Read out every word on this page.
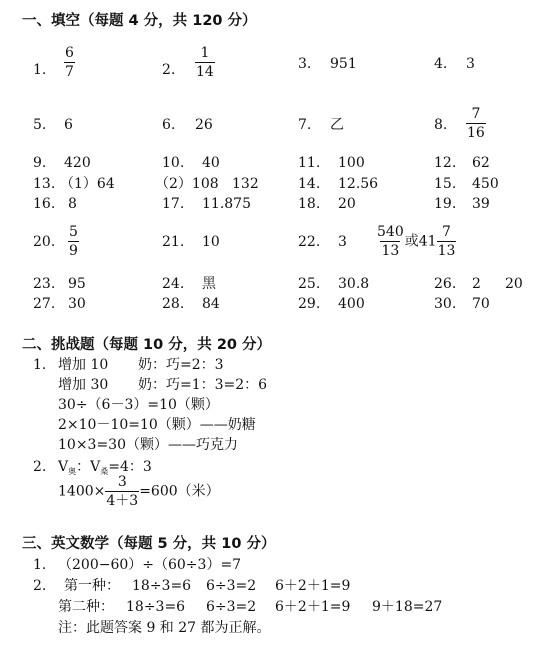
一、填空（每题 4 分，共 120 分）
1. $\frac{6}{7}$	2. $\frac{1}{14}$	3. 951	4. 3
5. 6	6. 26	7. 乙	8. $\frac{7}{16}$
9. 420	10. 40	11. 100	12. 62
13. （1）64	（2）108 132	14. 12.56	15. 450
16. 8	17. 11.875	18. 20	19. 39
20. $\frac{5}{9}$	21. 10	22. $3 \frac{540}{13}$ 或$41 \frac{7}{13}$
23. 95	24. 黑	25. 30.8	26. 2 20
27. 30	28. 84	29. 400	30. 70
二、挑战题（每题 10 分，共 20 分）
1. 增加 10 奶：巧=2：3
增加 30 奶：巧=1：3=2：6
30÷（6－3）=10（颗）
2×10－10=10（颗）——奶糖
10×3=30（颗）——巧克力
2. $V_奥$：$V_桑=4$：3
$1400\times \frac{3}{4+3} =600$（米）
三、英文数学（每题 5 分，共 10 分）
1. （200−60）÷（60÷3）=7
2. 第一种： 18÷3=6 6÷3=2 6＋2＋1=9
第二种： 18÷3=6 6÷3=2 6＋2＋1=9 9＋18=27
注：此题答案 9 和 27 都为正解。
